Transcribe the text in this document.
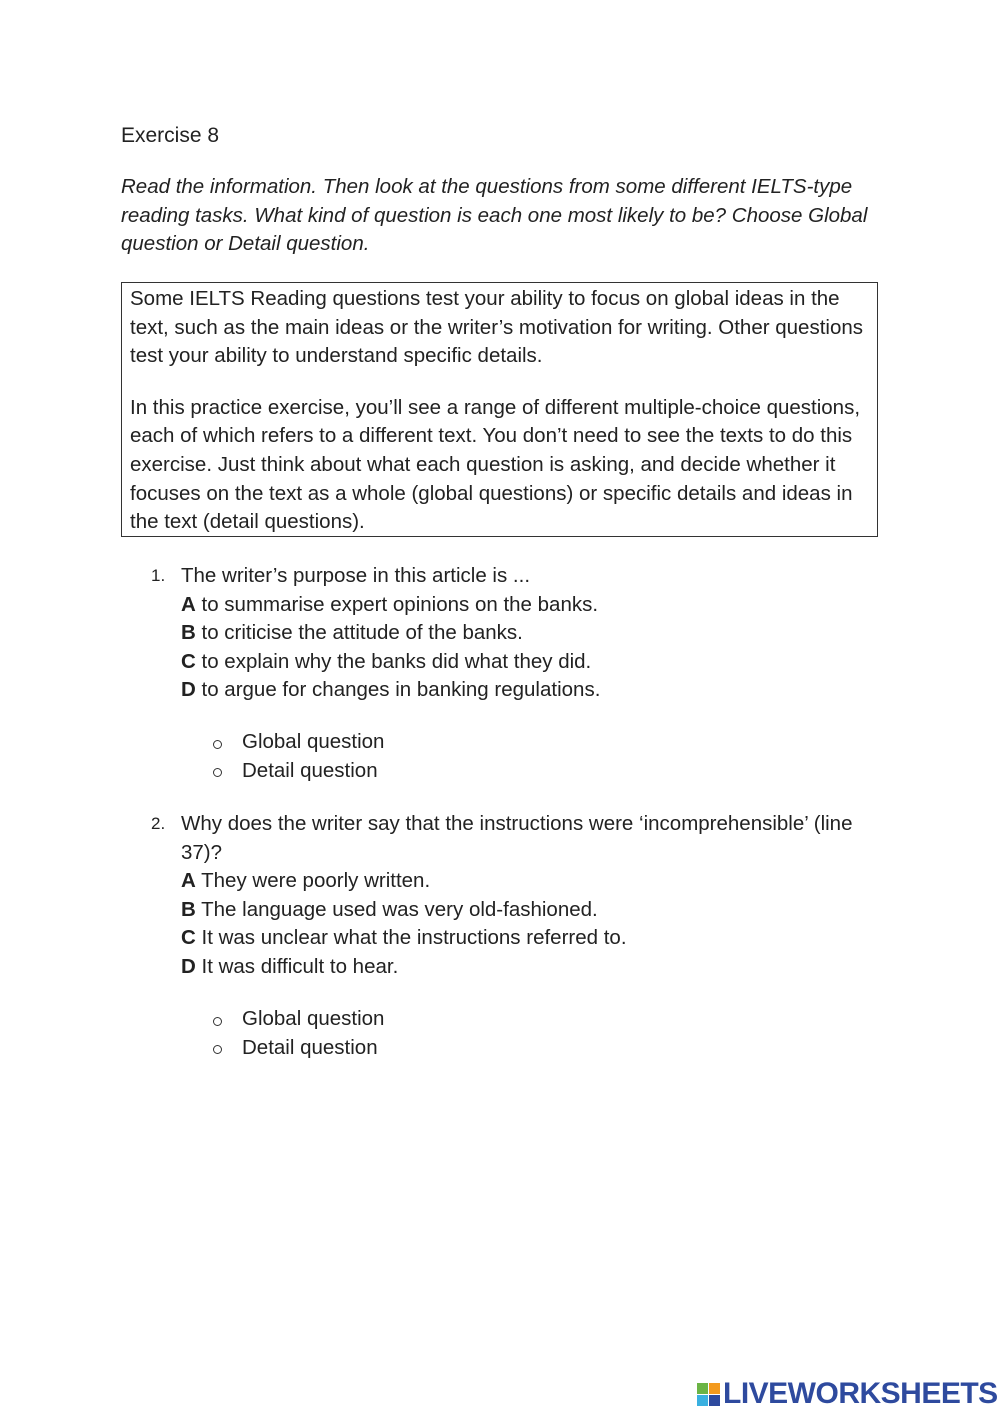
Exercise 8
Read the information. Then look at the questions from some different IELTS-type reading tasks. What kind of question is each one most likely to be? Choose Global question or Detail question.

Some IELTS Reading questions test your ability to focus on global ideas in the text, such as the main ideas or the writer’s motivation for writing. Other questions test your ability to understand specific details.

In this practice exercise, you’ll see a range of different multiple-choice questions, each of which refers to a different text. You don’t need to see the texts to do this exercise. Just think about what each question is asking, and decide whether it focuses on the text as a whole (global questions) or specific details and ideas in the text (detail questions).

1. The writer’s purpose in this article is ...

A to summarise expert opinions on the banks.

B to criticise the attitude of the banks.

C to explain why the banks did what they did.

D to argue for changes in banking regulations.

Global question
Detail question
2. Why does the writer say that the instructions were ‘incomprehensible’ (line 37)?

A They were poorly written.

B The language used was very old-fashioned.

C It was unclear what the instructions referred to.

D It was difficult to hear.

Global question
Detail question
LIVEWORKSHEETS
